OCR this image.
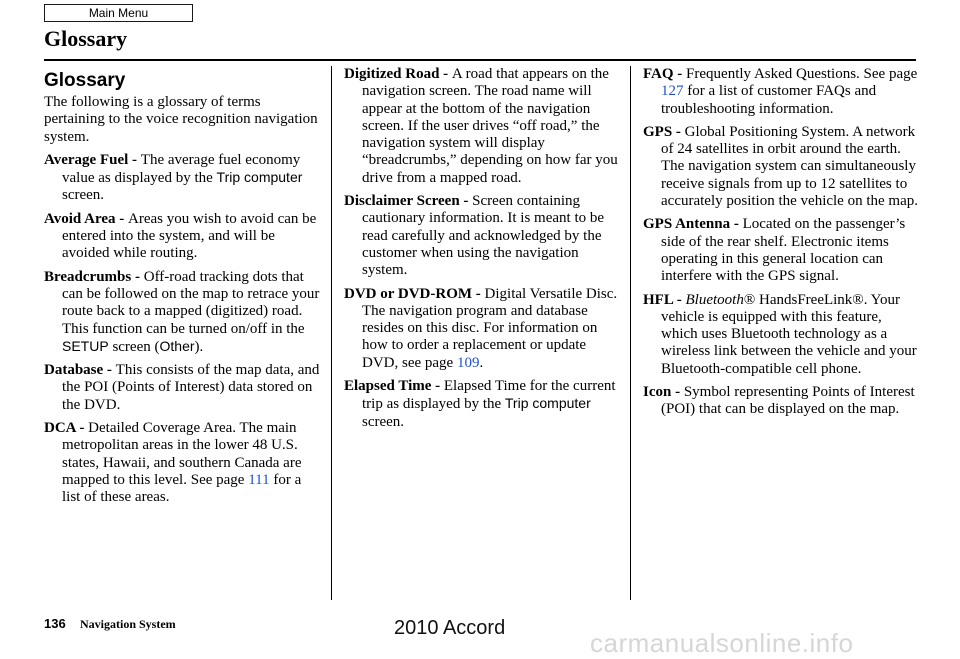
Main Menu
Glossary
Glossary

The following is a glossary of terms pertaining to the voice recognition navigation system.

Average Fuel - The average fuel economy value as displayed by the Trip computer screen.

Avoid Area - Areas you wish to avoid can be entered into the system, and will be avoided while routing.

Breadcrumbs - Off-road tracking dots that can be followed on the map to retrace your route back to a mapped (digitized) road. This function can be turned on/off in the SETUP screen (Other).

Database - This consists of the map data, and the POI (Points of Interest) data stored on the DVD.

DCA - Detailed Coverage Area. The main metropolitan areas in the lower 48 U.S. states, Hawaii, and southern Canada are mapped to this level. See page 111 for a list of these areas.

Digitized Road - A road that appears on the navigation screen. The road name will appear at the bottom of the navigation screen. If the user drives “off road,” the navigation system will display “breadcrumbs,” depending on how far you drive from a mapped road.

Disclaimer Screen - Screen containing cautionary information. It is meant to be read carefully and acknowledged by the customer when using the navigation system.

DVD or DVD-ROM - Digital Versatile Disc. The navigation program and database resides on this disc. For information on how to order a replacement or update DVD, see page 109.

Elapsed Time - Elapsed Time for the current trip as displayed by the Trip computer screen.

FAQ - Frequently Asked Questions. See page 127 for a list of customer FAQs and troubleshooting information.

GPS - Global Positioning System. A network of 24 satellites in orbit around the earth. The navigation system can simultaneously receive signals from up to 12 satellites to accurately position the vehicle on the map.

GPS Antenna - Located on the passenger’s side of the rear shelf. Electronic items operating in this general location can interfere with the GPS signal.

HFL - Bluetooth® HandsFreeLink®. Your vehicle is equipped with this feature, which uses Bluetooth technology as a wireless link between the vehicle and your Bluetooth-compatible cell phone.

Icon - Symbol representing Points of Interest (POI) that can be displayed on the map.

136 Navigation System	2010 Accord	carmanualsonline.info
